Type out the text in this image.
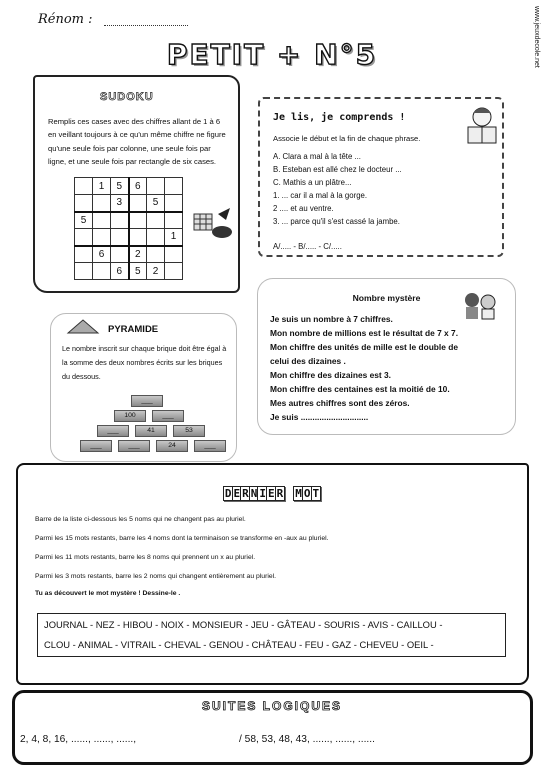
Rénom :	www.jeuxdecole.net
PETIT + N°5
SUDOKU
Remplis ces cases avec des chiffres allant de 1 à 6 en veillant toujours à ce qu'un même chiffre ne figure qu'une seule fois par colonne, une seule fois par ligne, et une seule fois par rectangle de six cases.
	1	5	6		
		3		5	
5					
					1
	6		2		
		6	5	2	
Je lis, je comprends !
Associe le début et la fin de chaque phrase.
A. Clara a mal à la tête ...
B. Esteban est allé chez le docteur ...
C. Mathis a un plâtre...
1. ... car il a mal à la gorge.
2 .... et au ventre.
3. ... parce qu'il s'est cassé la jambe.
A/..... - B/..... - C/.....
Nombre mystère
Je suis un nombre à 7 chiffres.
Mon nombre de millions est le résultat de 7 x 7.
Mon chiffre des unités de mille est le double de
celui des dizaines .
Mon chiffre des dizaines est 3.
Mon chiffre des centaines est la moitié de 10.
Mes autres chiffres sont des zéros.
Je suis .............................
PYRAMIDE
Le nombre inscrit sur chaque brique doit être égal à la somme des deux nombres écrits sur les briques du dessous.
___	___	24	___
___	41	53
100	___
___
D E R N I E R M O T
Barre de la liste ci-dessous les 5 noms qui ne changent pas au pluriel.
Parmi les 15 mots restants, barre les 4 noms dont la terminaison se transforme en -aux au pluriel.
Parmi les 11 mots restants, barre les 8 noms qui prennent un x au pluriel.
Parmi les 3 mots restants, barre les 2 noms qui changent entièrement au pluriel.
Tu as découvert le mot mystère ! Dessine-le .
JOURNAL - NEZ - HIBOU - NOIX - MONSIEUR - JEU - GÂTEAU - SOURIS - AVIS - CAILLOU -
CLOU - ANIMAL - VITRAIL - CHEVAL - GENOU - CHÂTEAU - FEU - GAZ - CHEVEU - OEIL -
SUITES LOGIQUES
2, 4, 8, 16, ......, ......, ......,	/ 58, 53, 48, 43, ......, ......, ......
